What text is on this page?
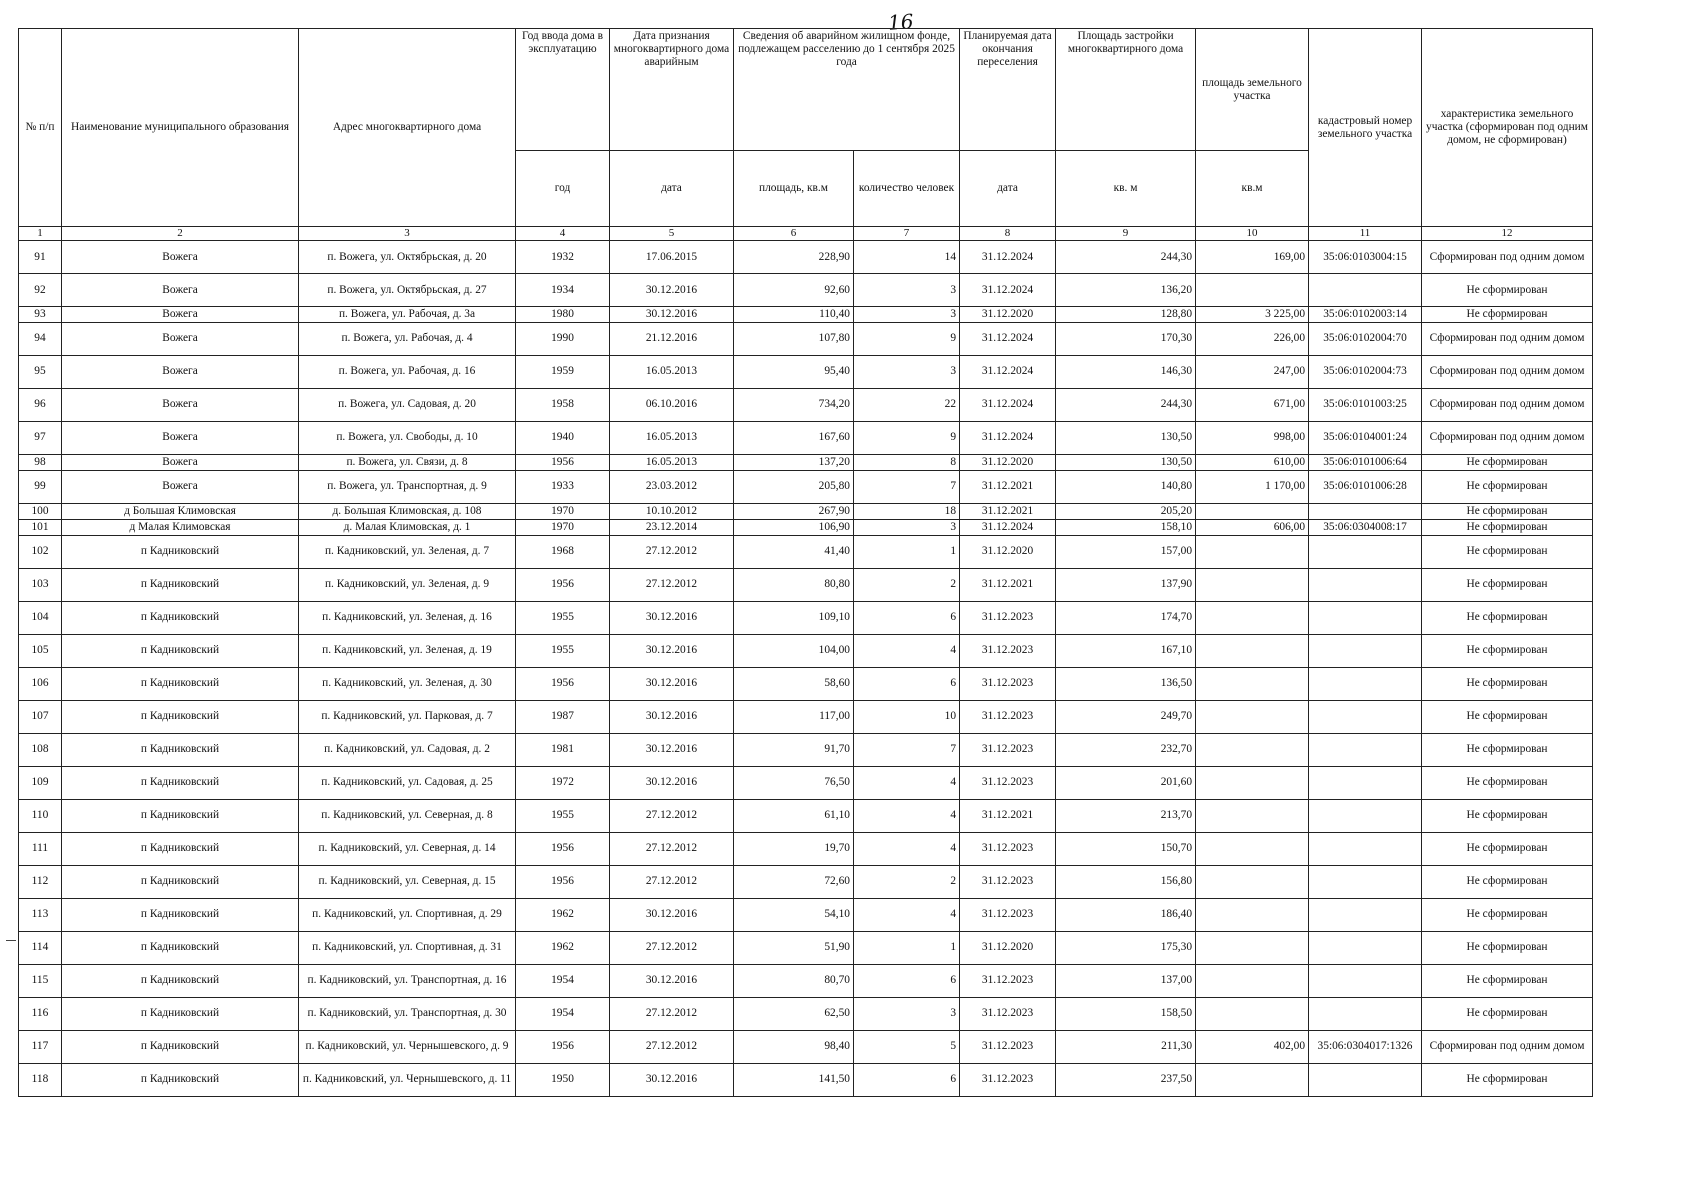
16
№ п/п	Наименование муниципального образования	Адрес многоквартирного дома	Год ввода дома в эксплуатацию	Дата признания многоквартирного дома аварийным	Сведения об аварийном жилищном фонде, подлежащем расселению до 1 сентября 2025 года		Планируемая дата окончания переселения	Площадь застройки многоквартирного дома	площадь земельного участка	кадастровый номер земельного участка	характеристика земельного участка (сформирован под одним домом, не сформирован)
			год	дата	площадь, кв.м	количество человек	дата	кв. м	кв.м		
1	2	3	4	5	6	7	8	9	10	11	12
91	Вожега	п. Вожега, ул. Октябрьская, д. 20	1932	17.06.2015	228,90	14	31.12.2024	244,30	169,00	35:06:0103004:15	Сформирован под одним домом
92	Вожега	п. Вожега, ул. Октябрьская, д. 27	1934	30.12.2016	92,60	3	31.12.2024	136,20			Не сформирован
93	Вожега	п. Вожега, ул. Рабочая, д. 3а	1980	30.12.2016	110,40	3	31.12.2020	128,80	3 225,00	35:06:0102003:14	Не сформирован
94	Вожега	п. Вожега, ул. Рабочая, д. 4	1990	21.12.2016	107,80	9	31.12.2024	170,30	226,00	35:06:0102004:70	Сформирован под одним домом
95	Вожега	п. Вожега, ул. Рабочая, д. 16	1959	16.05.2013	95,40	3	31.12.2024	146,30	247,00	35:06:0102004:73	Сформирован под одним домом
96	Вожега	п. Вожега, ул. Садовая, д. 20	1958	06.10.2016	734,20	22	31.12.2024	244,30	671,00	35:06:0101003:25	Сформирован под одним домом
97	Вожега	п. Вожега, ул. Свободы, д. 10	1940	16.05.2013	167,60	9	31.12.2024	130,50	998,00	35:06:0104001:24	Сформирован под одним домом
98	Вожега	п. Вожега, ул. Связи, д. 8	1956	16.05.2013	137,20	8	31.12.2020	130,50	610,00	35:06:0101006:64	Не сформирован
99	Вожега	п. Вожега, ул. Транспортная, д. 9	1933	23.03.2012	205,80	7	31.12.2021	140,80	1 170,00	35:06:0101006:28	Не сформирован
100	д Большая Климовская	д. Большая Климовская, д. 108	1970	10.10.2012	267,90	18	31.12.2021	205,20			Не сформирован
101	д Малая Климовская	д. Малая Климовская, д. 1	1970	23.12.2014	106,90	3	31.12.2024	158,10	606,00	35:06:0304008:17	Не сформирован
102	п Кадниковский	п. Кадниковский, ул. Зеленая, д. 7	1968	27.12.2012	41,40	1	31.12.2020	157,00			Не сформирован
103	п Кадниковский	п. Кадниковский, ул. Зеленая, д. 9	1956	27.12.2012	80,80	2	31.12.2021	137,90			Не сформирован
104	п Кадниковский	п. Кадниковский, ул. Зеленая, д. 16	1955	30.12.2016	109,10	6	31.12.2023	174,70			Не сформирован
105	п Кадниковский	п. Кадниковский, ул. Зеленая, д. 19	1955	30.12.2016	104,00	4	31.12.2023	167,10			Не сформирован
106	п Кадниковский	п. Кадниковский, ул. Зеленая, д. 30	1956	30.12.2016	58,60	6	31.12.2023	136,50			Не сформирован
107	п Кадниковский	п. Кадниковский, ул. Парковая, д. 7	1987	30.12.2016	117,00	10	31.12.2023	249,70			Не сформирован
108	п Кадниковский	п. Кадниковский, ул. Садовая, д. 2	1981	30.12.2016	91,70	7	31.12.2023	232,70			Не сформирован
109	п Кадниковский	п. Кадниковский, ул. Садовая, д. 25	1972	30.12.2016	76,50	4	31.12.2023	201,60			Не сформирован
110	п Кадниковский	п. Кадниковский, ул. Северная, д. 8	1955	27.12.2012	61,10	4	31.12.2021	213,70			Не сформирован
111	п Кадниковский	п. Кадниковский, ул. Северная, д. 14	1956	27.12.2012	19,70	4	31.12.2023	150,70			Не сформирован
112	п Кадниковский	п. Кадниковский, ул. Северная, д. 15	1956	27.12.2012	72,60	2	31.12.2023	156,80			Не сформирован
113	п Кадниковский	п. Кадниковский, ул. Спортивная, д. 29	1962	30.12.2016	54,10	4	31.12.2023	186,40			Не сформирован
114	п Кадниковский	п. Кадниковский, ул. Спортивная, д. 31	1962	27.12.2012	51,90	1	31.12.2020	175,30			Не сформирован
115	п Кадниковский	п. Кадниковский, ул. Транспортная, д. 16	1954	30.12.2016	80,70	6	31.12.2023	137,00			Не сформирован
116	п Кадниковский	п. Кадниковский, ул. Транспортная, д. 30	1954	27.12.2012	62,50	3	31.12.2023	158,50			Не сформирован
117	п Кадниковский	п. Кадниковский, ул. Чернышевского, д. 9	1956	27.12.2012	98,40	5	31.12.2023	211,30	402,00	35:06:0304017:1326	Сформирован под одним домом
118	п Кадниковский	п. Кадниковский, ул. Чернышевского, д. 11	1950	30.12.2016	141,50	6	31.12.2023	237,50			Не сформирован
